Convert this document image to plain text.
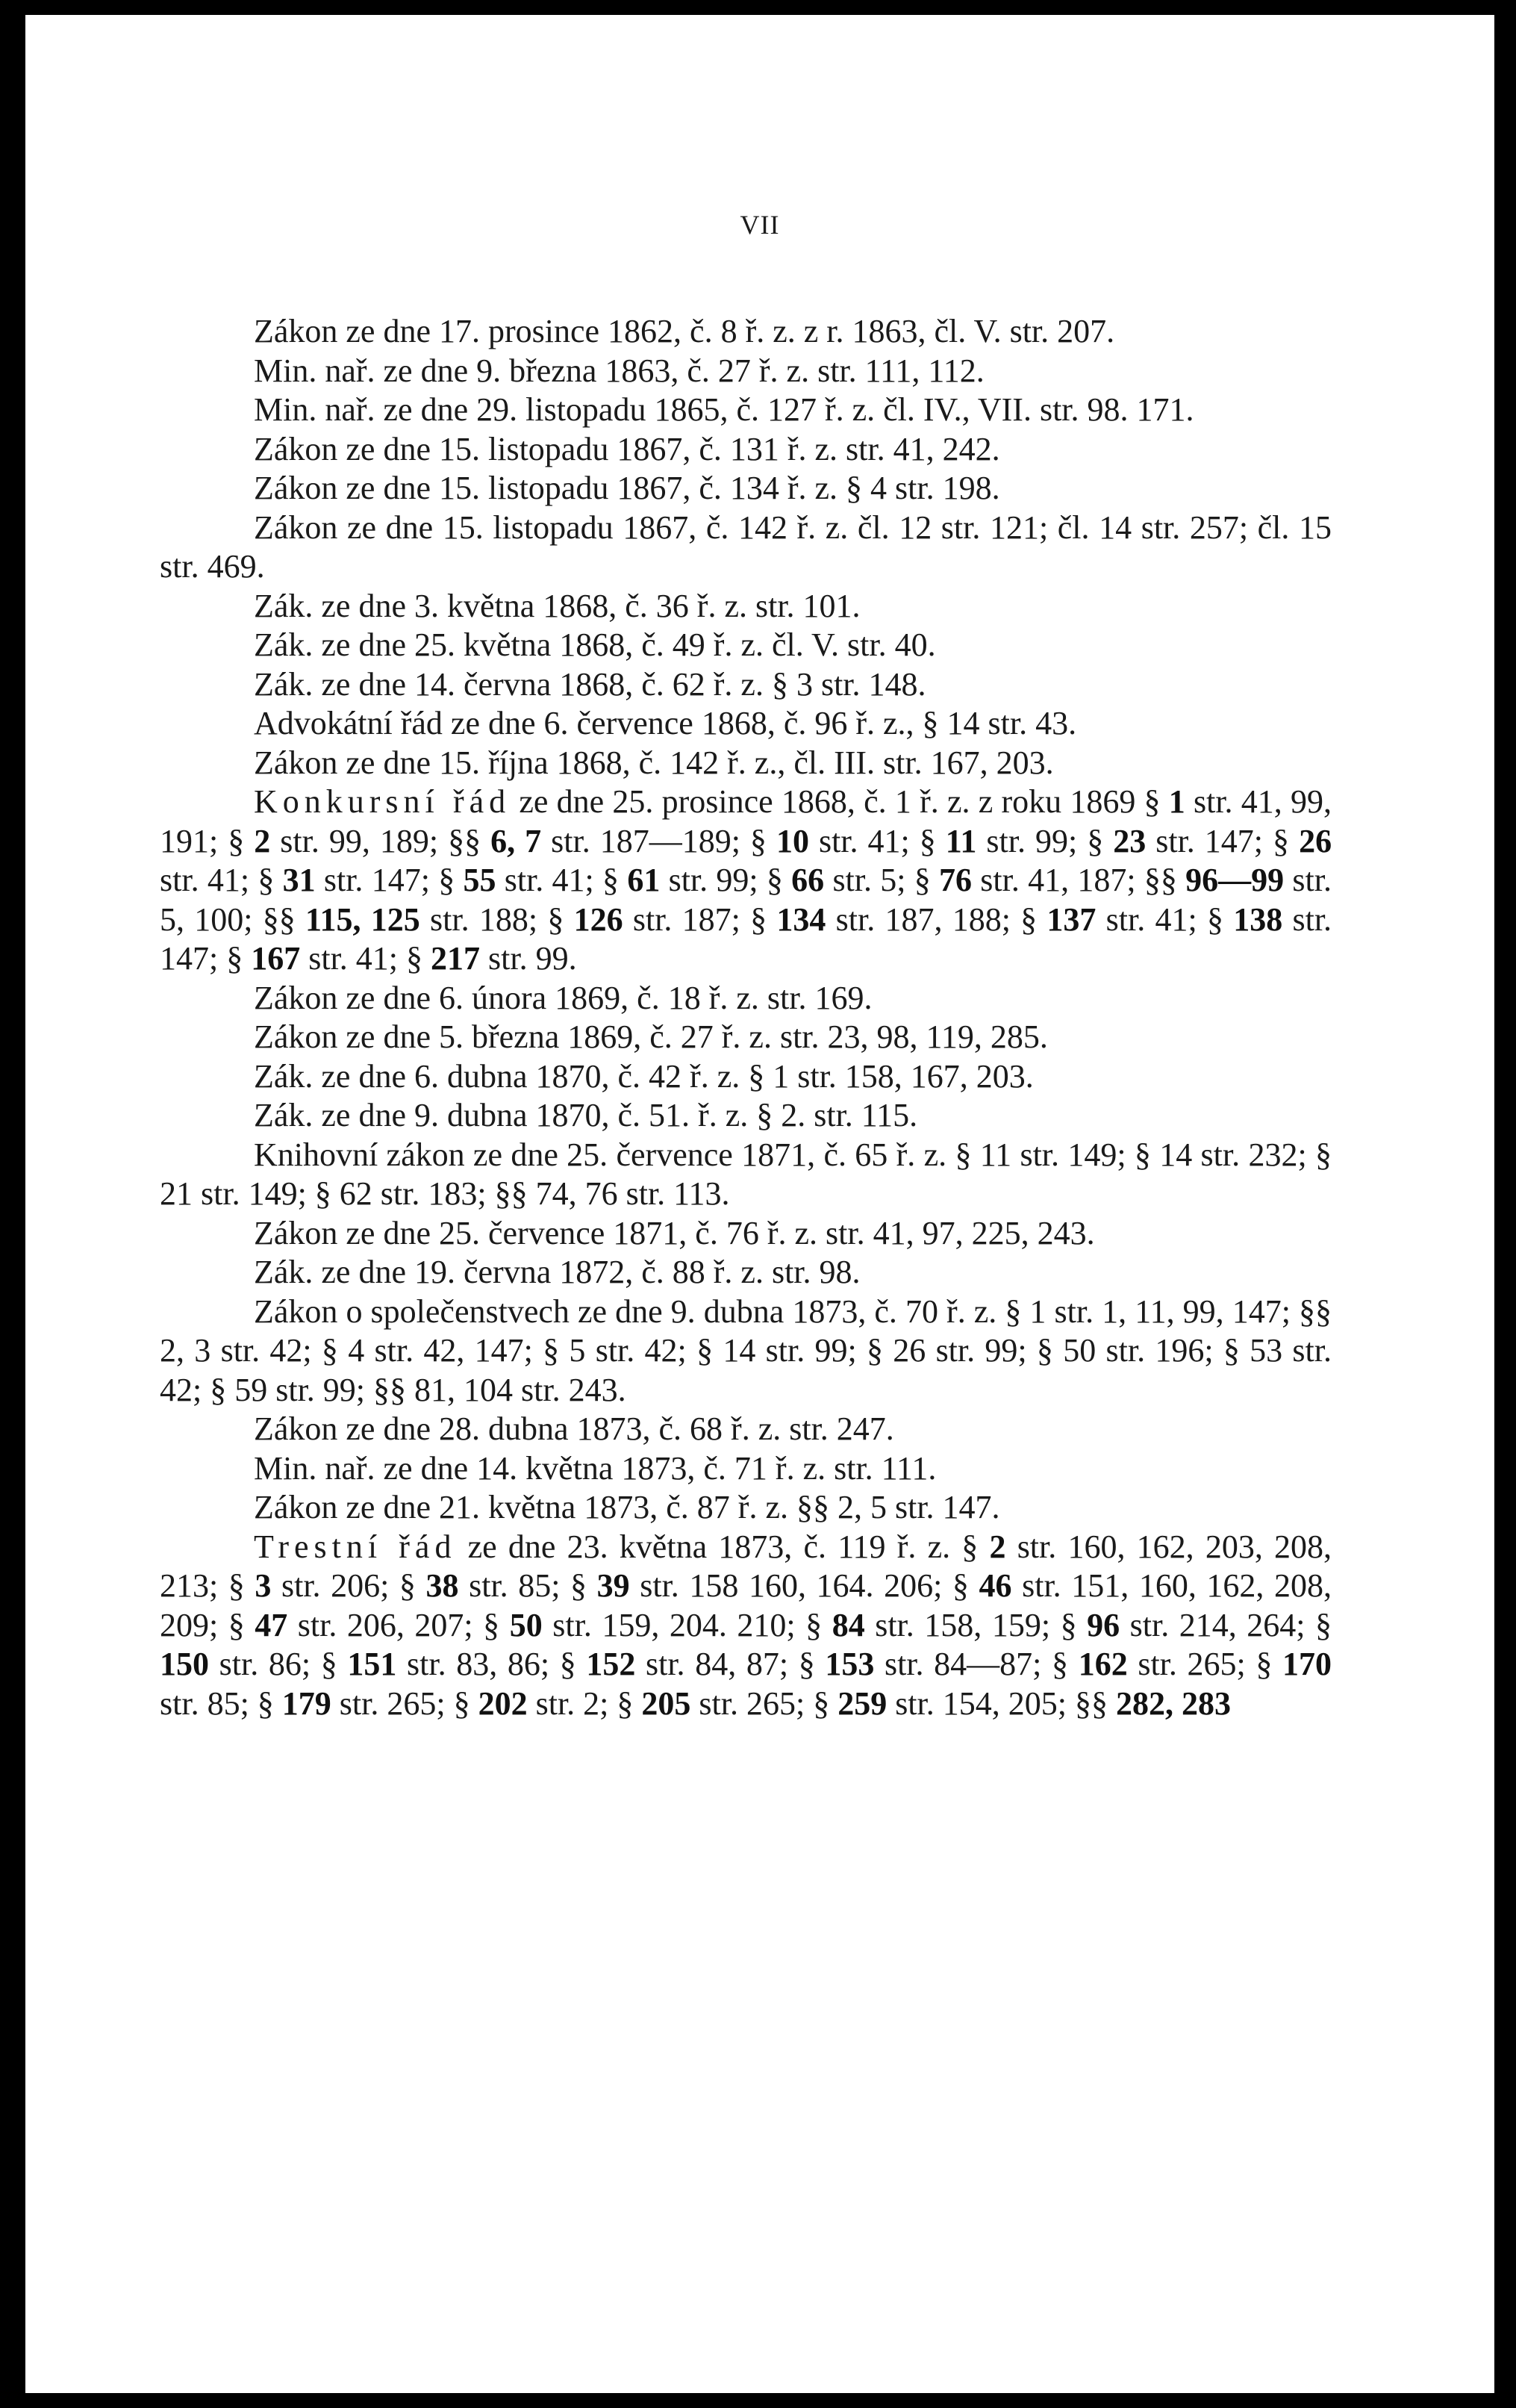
VII

Zákon ze dne 17. prosince 1862, č. 8 ř. z. z r. 1863, čl. V. str. 207.

Min. nař. ze dne 9. března 1863, č. 27 ř. z. str. 111, 112.

Min. nař. ze dne 29. listopadu 1865, č. 127 ř. z. čl. IV., VII. str. 98. 171.

Zákon ze dne 15. listopadu 1867, č. 131 ř. z. str. 41, 242.

Zákon ze dne 15. listopadu 1867, č. 134 ř. z. § 4 str. 198.

Zákon ze dne 15. listopadu 1867, č. 142 ř. z. čl. 12 str. 121; čl. 14 str. 257; čl. 15 str. 469.

Zák. ze dne 3. května 1868, č. 36 ř. z. str. 101.

Zák. ze dne 25. května 1868, č. 49 ř. z. čl. V. str. 40.

Zák. ze dne 14. června 1868, č. 62 ř. z. § 3 str. 148.

Advokátní řád ze dne 6. července 1868, č. 96 ř. z., § 14 str. 43.

Zákon ze dne 15. října 1868, č. 142 ř. z., čl. III. str. 167, 203.

Konkursní řád ze dne 25. prosince 1868, č. 1 ř. z. z roku 1869 § 1 str. 41, 99, 191; § 2 str. 99, 189; §§ 6, 7 str. 187—189; § 10 str. 41; § 11 str. 99; § 23 str. 147; § 26 str. 41; § 31 str. 147; § 55 str. 41; § 61 str. 99; § 66 str. 5; § 76 str. 41, 187; §§ 96—99 str. 5, 100; §§ 115, 125 str. 188; § 126 str. 187; § 134 str. 187, 188; § 137 str. 41; § 138 str. 147; § 167 str. 41; § 217 str. 99.

Zákon ze dne 6. února 1869, č. 18 ř. z. str. 169.

Zákon ze dne 5. března 1869, č. 27 ř. z. str. 23, 98, 119, 285.

Zák. ze dne 6. dubna 1870, č. 42 ř. z. § 1 str. 158, 167, 203.

Zák. ze dne 9. dubna 1870, č. 51. ř. z. § 2. str. 115.

Knihovní zákon ze dne 25. července 1871, č. 65 ř. z. § 11 str. 149; § 14 str. 232; § 21 str. 149; § 62 str. 183; §§ 74, 76 str. 113.

Zákon ze dne 25. července 1871, č. 76 ř. z. str. 41, 97, 225, 243.

Zák. ze dne 19. června 1872, č. 88 ř. z. str. 98.

Zákon o společenstvech ze dne 9. dubna 1873, č. 70 ř. z. § 1 str. 1, 11, 99, 147; §§ 2, 3 str. 42; § 4 str. 42, 147; § 5 str. 42; § 14 str. 99; § 26 str. 99; § 50 str. 196; § 53 str. 42; § 59 str. 99; §§ 81, 104 str. 243.

Zákon ze dne 28. dubna 1873, č. 68 ř. z. str. 247.

Min. nař. ze dne 14. května 1873, č. 71 ř. z. str. 111.

Zákon ze dne 21. května 1873, č. 87 ř. z. §§ 2, 5 str. 147.

Trestní řád ze dne 23. května 1873, č. 119 ř. z. § 2 str. 160, 162, 203, 208, 213; § 3 str. 206; § 38 str. 85; § 39 str. 158 160, 164. 206; § 46 str. 151, 160, 162, 208, 209; § 47 str. 206, 207; § 50 str. 159, 204. 210; § 84 str. 158, 159; § 96 str. 214, 264; § 150 str. 86; § 151 str. 83, 86; § 152 str. 84, 87; § 153 str. 84—87; § 162 str. 265; § 170 str. 85; § 179 str. 265; § 202 str. 2; § 205 str. 265; § 259 str. 154, 205; §§ 282, 283
